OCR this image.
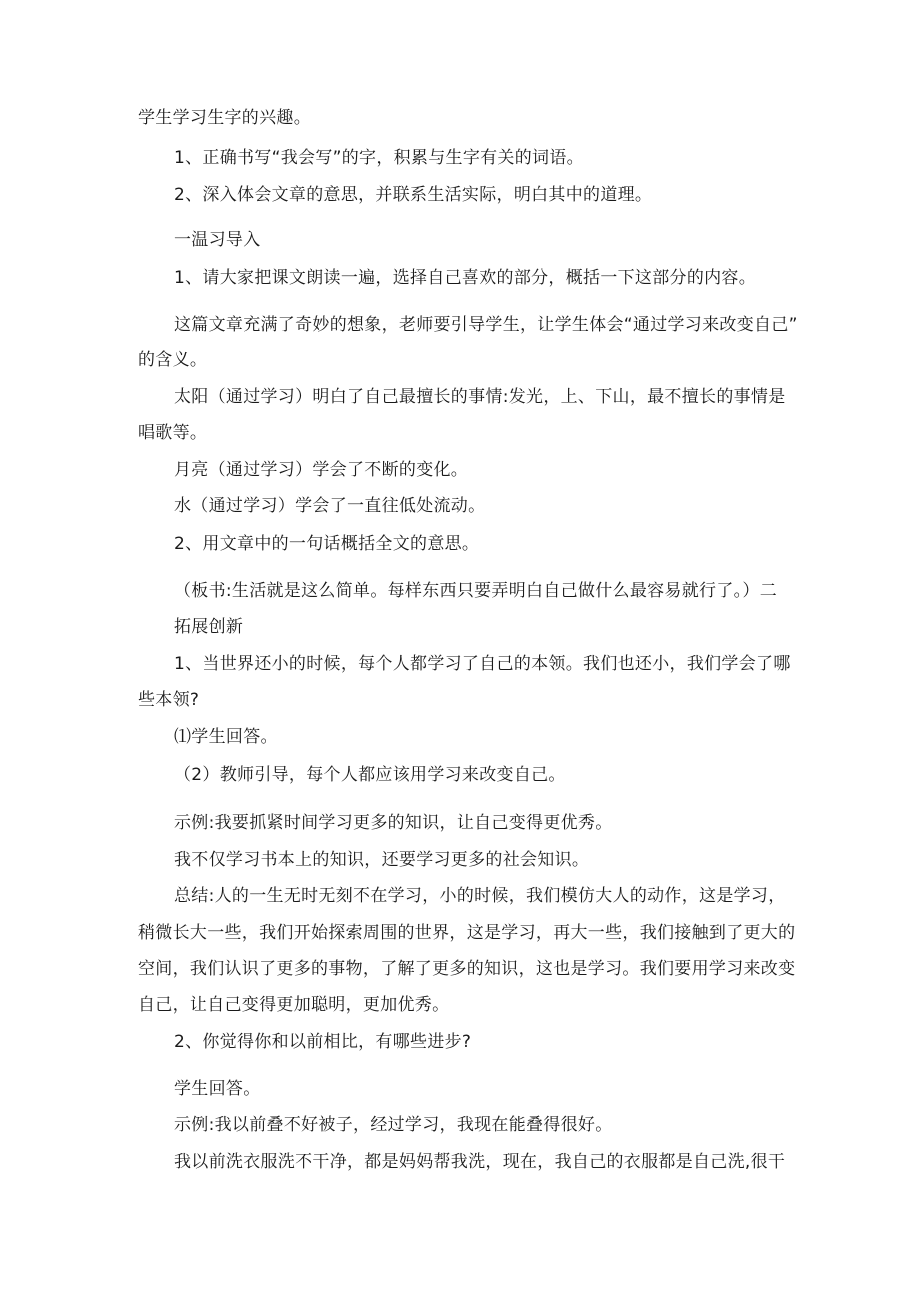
学生学习生字的兴趣。
1、正确书写“我会写”的字，积累与生字有关的词语。
2、深入体会文章的意思，并联系生活实际，明白其中的道理。
一温习导入
1、请大家把课文朗读一遍，选择自己喜欢的部分，概括一下这部分的内容。
这篇文章充满了奇妙的想象，老师要引导学生，让学生体会“通过学习来改变自己”
的含义。
太阳（通过学习）明白了自己最擅长的事情:发光，上、下山，最不擅长的事情是
唱歌等。
月亮（通过学习）学会了不断的变化。
水（通过学习）学会了一直往低处流动。
2、用文章中的一句话概括全文的意思。
（板书:生活就是这么简单。每样东西只要弄明白自己做什么最容易就行了。）二
拓展创新
1、当世界还小的时候，每个人都学习了自己的本领。我们也还小，我们学会了哪
些本领?
⑴学生回答。
（2）教师引导，每个人都应该用学习来改变自己。
示例:我要抓紧时间学习更多的知识，让自己变得更优秀。
我不仅学习书本上的知识，还要学习更多的社会知识。
总结:人的一生无时无刻不在学习，小的时候，我们模仿大人的动作，这是学习，
稍微长大一些，我们开始探索周围的世界，这是学习，再大一些，我们接触到了更大的
空间，我们认识了更多的事物，了解了更多的知识，这也是学习。我们要用学习来改变
自己，让自己变得更加聪明，更加优秀。
2、你觉得你和以前相比，有哪些进步?
学生回答。
示例:我以前叠不好被子，经过学习，我现在能叠得很好。
我以前洗衣服洗不干净，都是妈妈帮我洗，现在，我自己的衣服都是自己洗,很干
